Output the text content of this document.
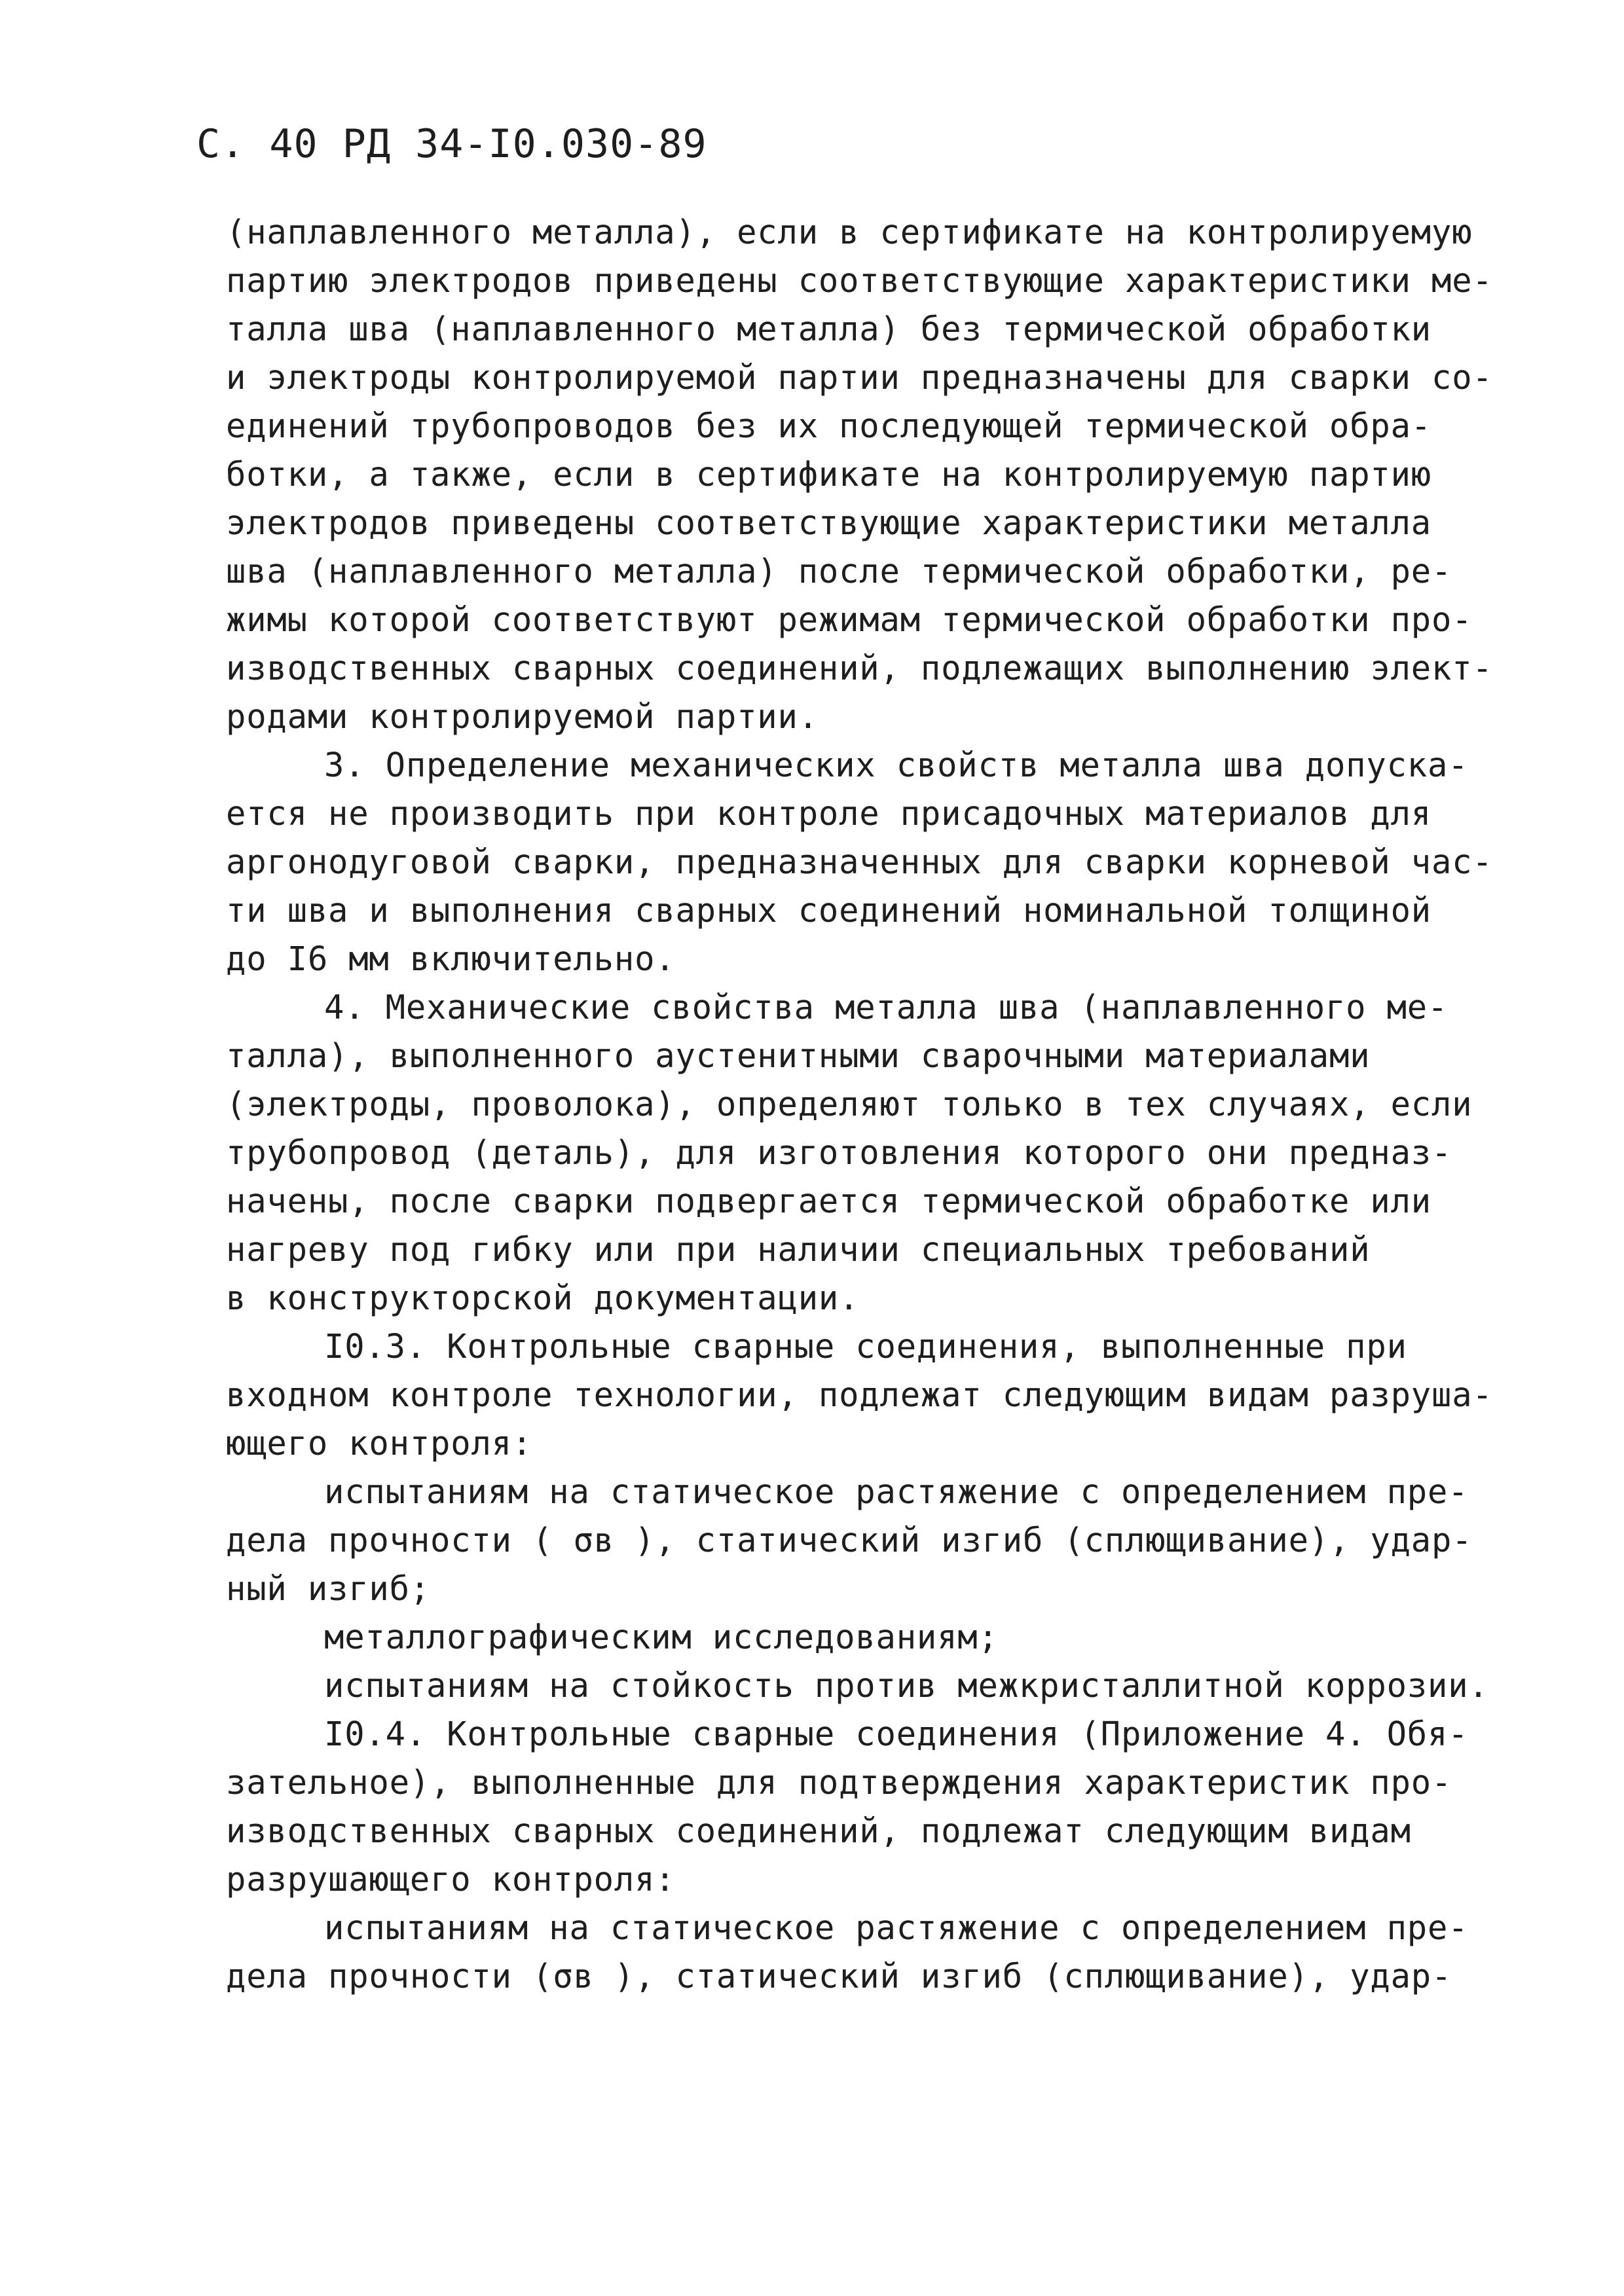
С. 40 РД 34-I0.030-89
(наплавленного металла), если в сертификате на контролируемую
партию электродов приведены соответствующие характеристики ме-
талла шва (наплавленного металла) без термической обработки
и электроды контролируемой партии предназначены для сварки со-
единений трубопроводов без их последующей термической обра-
ботки, а также, если в сертификате на контролируемую партию
электродов приведены соответствующие характеристики металла
шва (наплавленного металла) после термической обработки, ре-
жимы которой соответствуют режимам термической обработки про-
изводственных сварных соединений, подлежащих выполнению элект-
родами контролируемой партии.
3. Определение механических свойств металла шва допуска-
ется не производить при контроле присадочных материалов для
аргонодуговой сварки, предназначенных для сварки корневой час-
ти шва и выполнения сварных соединений номинальной толщиной
до I6 мм включительно.
4. Механические свойства металла шва (наплавленного ме-
талла), выполненного аустенитными сварочными материалами
(электроды, проволока), определяют только в тех случаях, если
трубопровод (деталь), для изготовления которого они предназ-
начены, после сварки подвергается термической обработке или
нагреву под гибку или при наличии специальных требований
в конструкторской документации.
I0.3. Контрольные сварные соединения, выполненные при
входном контроле технологии, подлежат следующим видам разруша-
ющего контроля:
испытаниям на статическое растяжение с определением пре-
дела прочности ( σв ), статический изгиб (сплющивание), удар-
ный изгиб;
металлографическим исследованиям;
испытаниям на стойкость против межкристаллитной коррозии.
I0.4. Контрольные сварные соединения (Приложение 4. Обя-
зательное), выполненные для подтверждения характеристик про-
изводственных сварных соединений, подлежат следующим видам
разрушающего контроля:
испытаниям на статическое растяжение с определением пре-
дела прочности (σв ), статический изгиб (сплющивание), удар-
